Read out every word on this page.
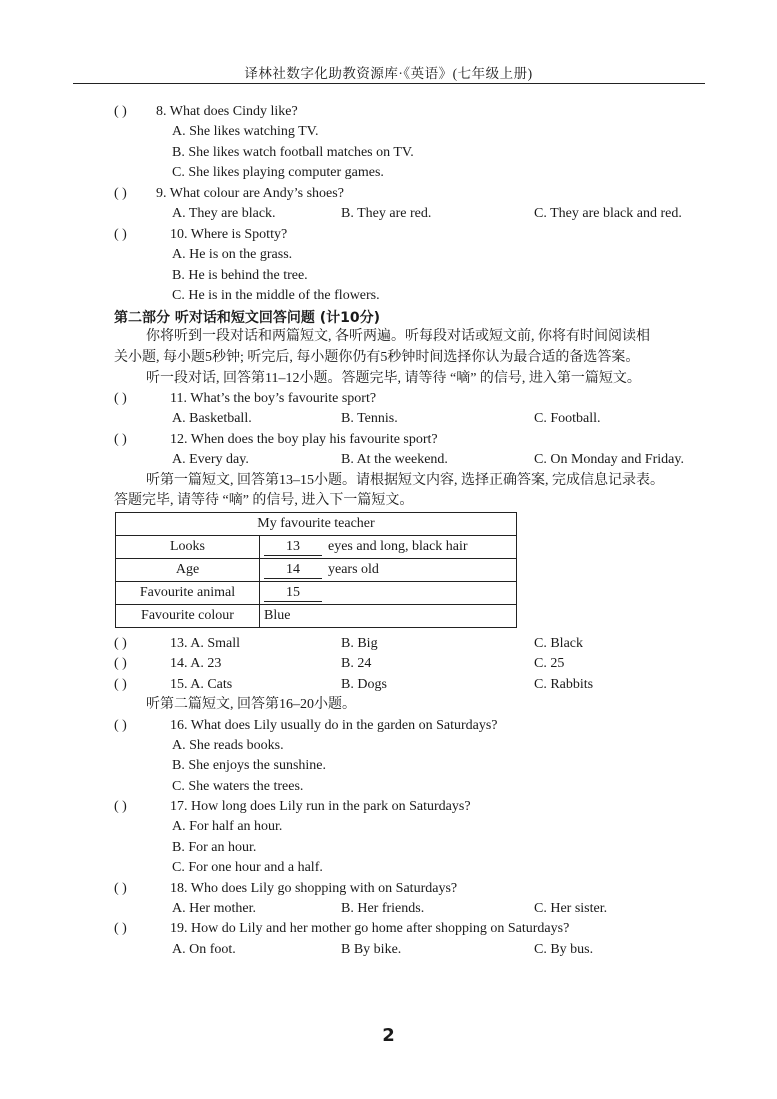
译林社数字化助教资源库·《英语》(七年级上册)
( ) 8. What does Cindy like?
A. She likes watching TV.
B. She likes watch football matches on TV.
C. She likes playing computer games.
( ) 9. What colour are Andy’s shoes?
A. They are black.	B. They are red.	C. They are black and red.
( )	10. Where is Spotty?
A. He is on the grass.
B. He is behind the tree.
C. He is in the middle of the flowers.
第二部分 听对话和短文回答问题 (计10分)
你将听到一段对话和两篇短文, 各听两遍。听每段对话或短文前, 你将有时间阅读相
关小题, 每小题5秒钟; 听完后, 每小题你仍有5秒钟时间选择你认为最合适的备选答案。
听一段对话, 回答第11–12小题。答题完毕, 请等待 “嘀” 的信号, 进入第一篇短文。
( )	11. What’s the boy’s favourite sport?
A. Basketball.	B. Tennis.	C. Football.
( )	12. When does the boy play his favourite sport?
A. Every day.	B. At the weekend.	C. On Monday and Friday.
听第一篇短文, 回答第13–15小题。请根据短文内容, 选择正确答案, 完成信息记录表。
答题完毕, 请等待 “嘀” 的信号, 进入下一篇短文。
My favourite teacher	
Looks	13 eyes and long, black hair
Age	14 years old
Favourite animal	15
Favourite colour	Blue
( )	13. A. Small	B. Big	C. Black
( )	14. A. 23	B. 24	C. 25
( )	15. A. Cats	B. Dogs	C. Rabbits
听第二篇短文, 回答第16–20小题。
( )	16. What does Lily usually do in the garden on Saturdays?
A. She reads books.
B. She enjoys the sunshine.
C. She waters the trees.
( )	17. How long does Lily run in the park on Saturdays?
A. For half an hour.
B. For an hour.
C. For one hour and a half.
( )	18. Who does Lily go shopping with on Saturdays?
A. Her mother.	B. Her friends.	C. Her sister.
( )	19. How do Lily and her mother go home after shopping on Saturdays?
A. On foot.	B By bike.	C. By bus.
2
